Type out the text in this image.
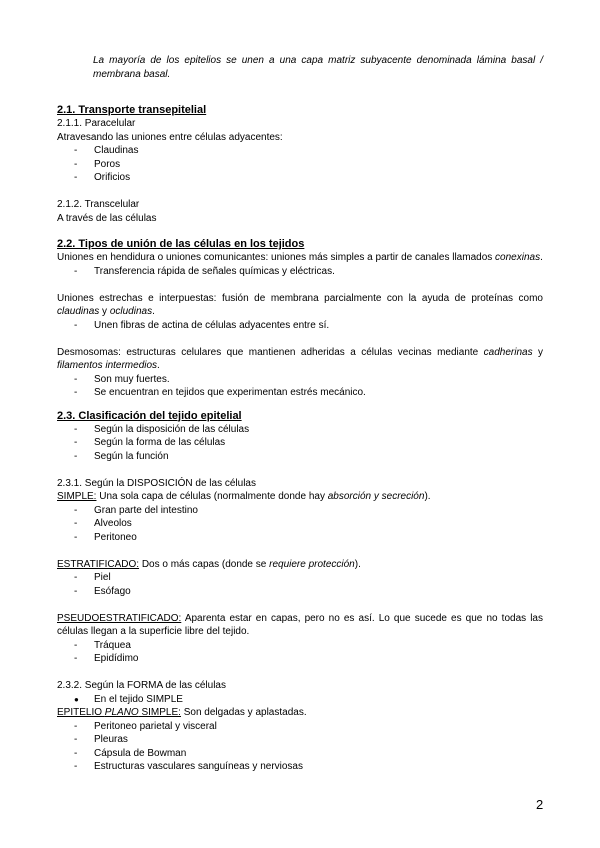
La mayoría de los epitelios se unen a una capa matriz subyacente denominada lámina basal / membrana basal.
2.1. Transporte transepitelial
2.1.1. Paracelular
Atravesando las uniones entre células adyacentes:
- Claudinas
- Poros
- Orificios
2.1.2. Transcelular
A través de las células
2.2. Tipos de unión de las células en los tejidos
Uniones en hendidura o uniones comunicantes: uniones más simples a partir de canales llamados conexinas.
- Transferencia rápida de señales químicas y eléctricas.
Uniones estrechas e interpuestas: fusión de membrana parcialmente con la ayuda de proteínas como claudinas y ocludinas.
- Unen fibras de actina de células adyacentes entre sí.
Desmosomas: estructuras celulares que mantienen adheridas a células vecinas mediante cadherinas y filamentos intermedios.
- Son muy fuertes.
- Se encuentran en tejidos que experimentan estrés mecánico.
2.3. Clasificación del tejido epitelial
- Según la disposición de las células
- Según la forma de las células
- Según la función
2.3.1. Según la DISPOSICIÓN de las células
SIMPLE: Una sola capa de células (normalmente donde hay absorción y secreción).
- Gran parte del intestino
- Alveolos
- Peritoneo
ESTRATIFICADO: Dos o más capas (donde se requiere protección).
- Piel
- Esófago
PSEUDOESTRATIFICADO: Aparenta estar en capas, pero no es así. Lo que sucede es que no todas las células llegan a la superficie libre del tejido.
- Tráquea
- Epidídimo
2.3.2. Según la FORMA de las células
● En el tejido SIMPLE
EPITELIO PLANO SIMPLE: Son delgadas y aplastadas.
- Peritoneo parietal y visceral
- Pleuras
- Cápsula de Bowman
- Estructuras vasculares sanguíneas y nerviosas
2
